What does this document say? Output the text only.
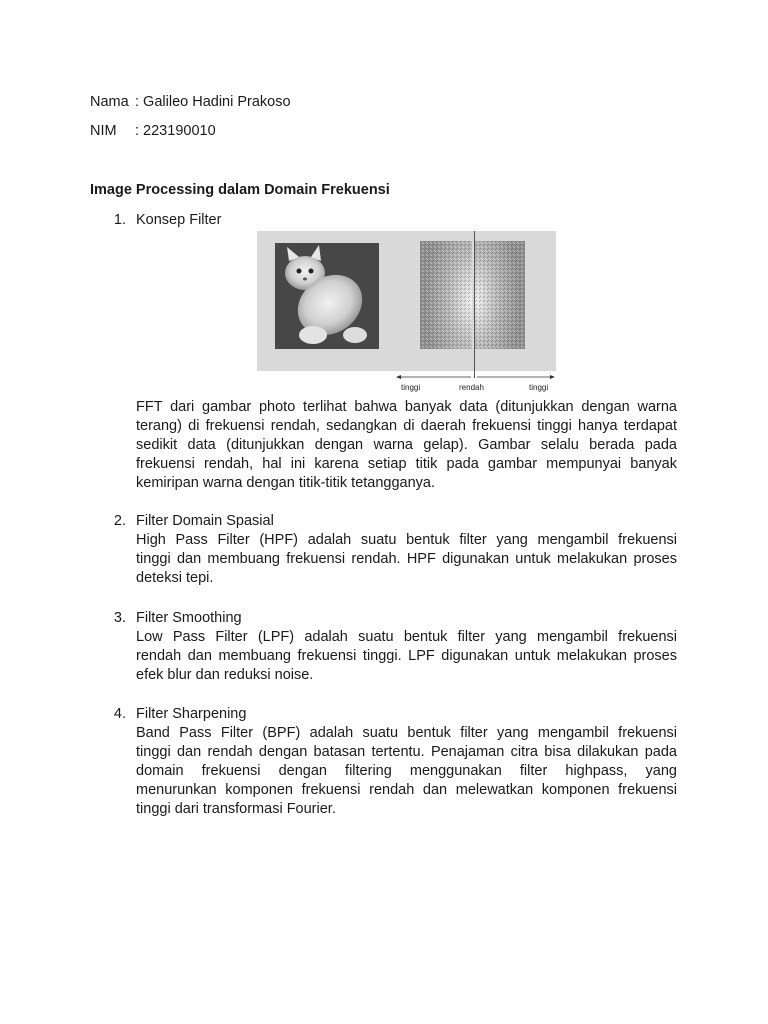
Nama : Galileo Hadini Prakoso
NIM : 223190010
Image Processing dalam Domain Frekuensi
1. Konsep Filter
tinggi	rendah	tinggi
FFT dari gambar photo terlihat bahwa banyak data (ditunjukkan dengan warna
terang) di frekuensi rendah, sedangkan di daerah frekuensi tinggi hanya terdapat
sedikit data (ditunjukkan dengan warna gelap). Gambar selalu berada pada
frekuensi rendah, hal ini karena setiap titik pada gambar mempunyai banyak
kemiripan warna dengan titik-titik tetangganya.
2. Filter Domain Spasial
High Pass Filter (HPF) adalah suatu bentuk filter yang mengambil frekuensi
tinggi dan membuang frekuensi rendah. HPF digunakan untuk melakukan proses
deteksi tepi.
3. Filter Smoothing
Low Pass Filter (LPF) adalah suatu bentuk filter yang mengambil frekuensi
rendah dan membuang frekuensi tinggi. LPF digunakan untuk melakukan proses
efek blur dan reduksi noise.
4. Filter Sharpening
Band Pass Filter (BPF) adalah suatu bentuk filter yang mengambil frekuensi
tinggi dan rendah dengan batasan tertentu. Penajaman citra bisa dilakukan pada
domain frekuensi dengan filtering menggunakan filter highpass, yang
menurunkan komponen frekuensi rendah dan melewatkan komponen frekuensi
tinggi dari transformasi Fourier.
